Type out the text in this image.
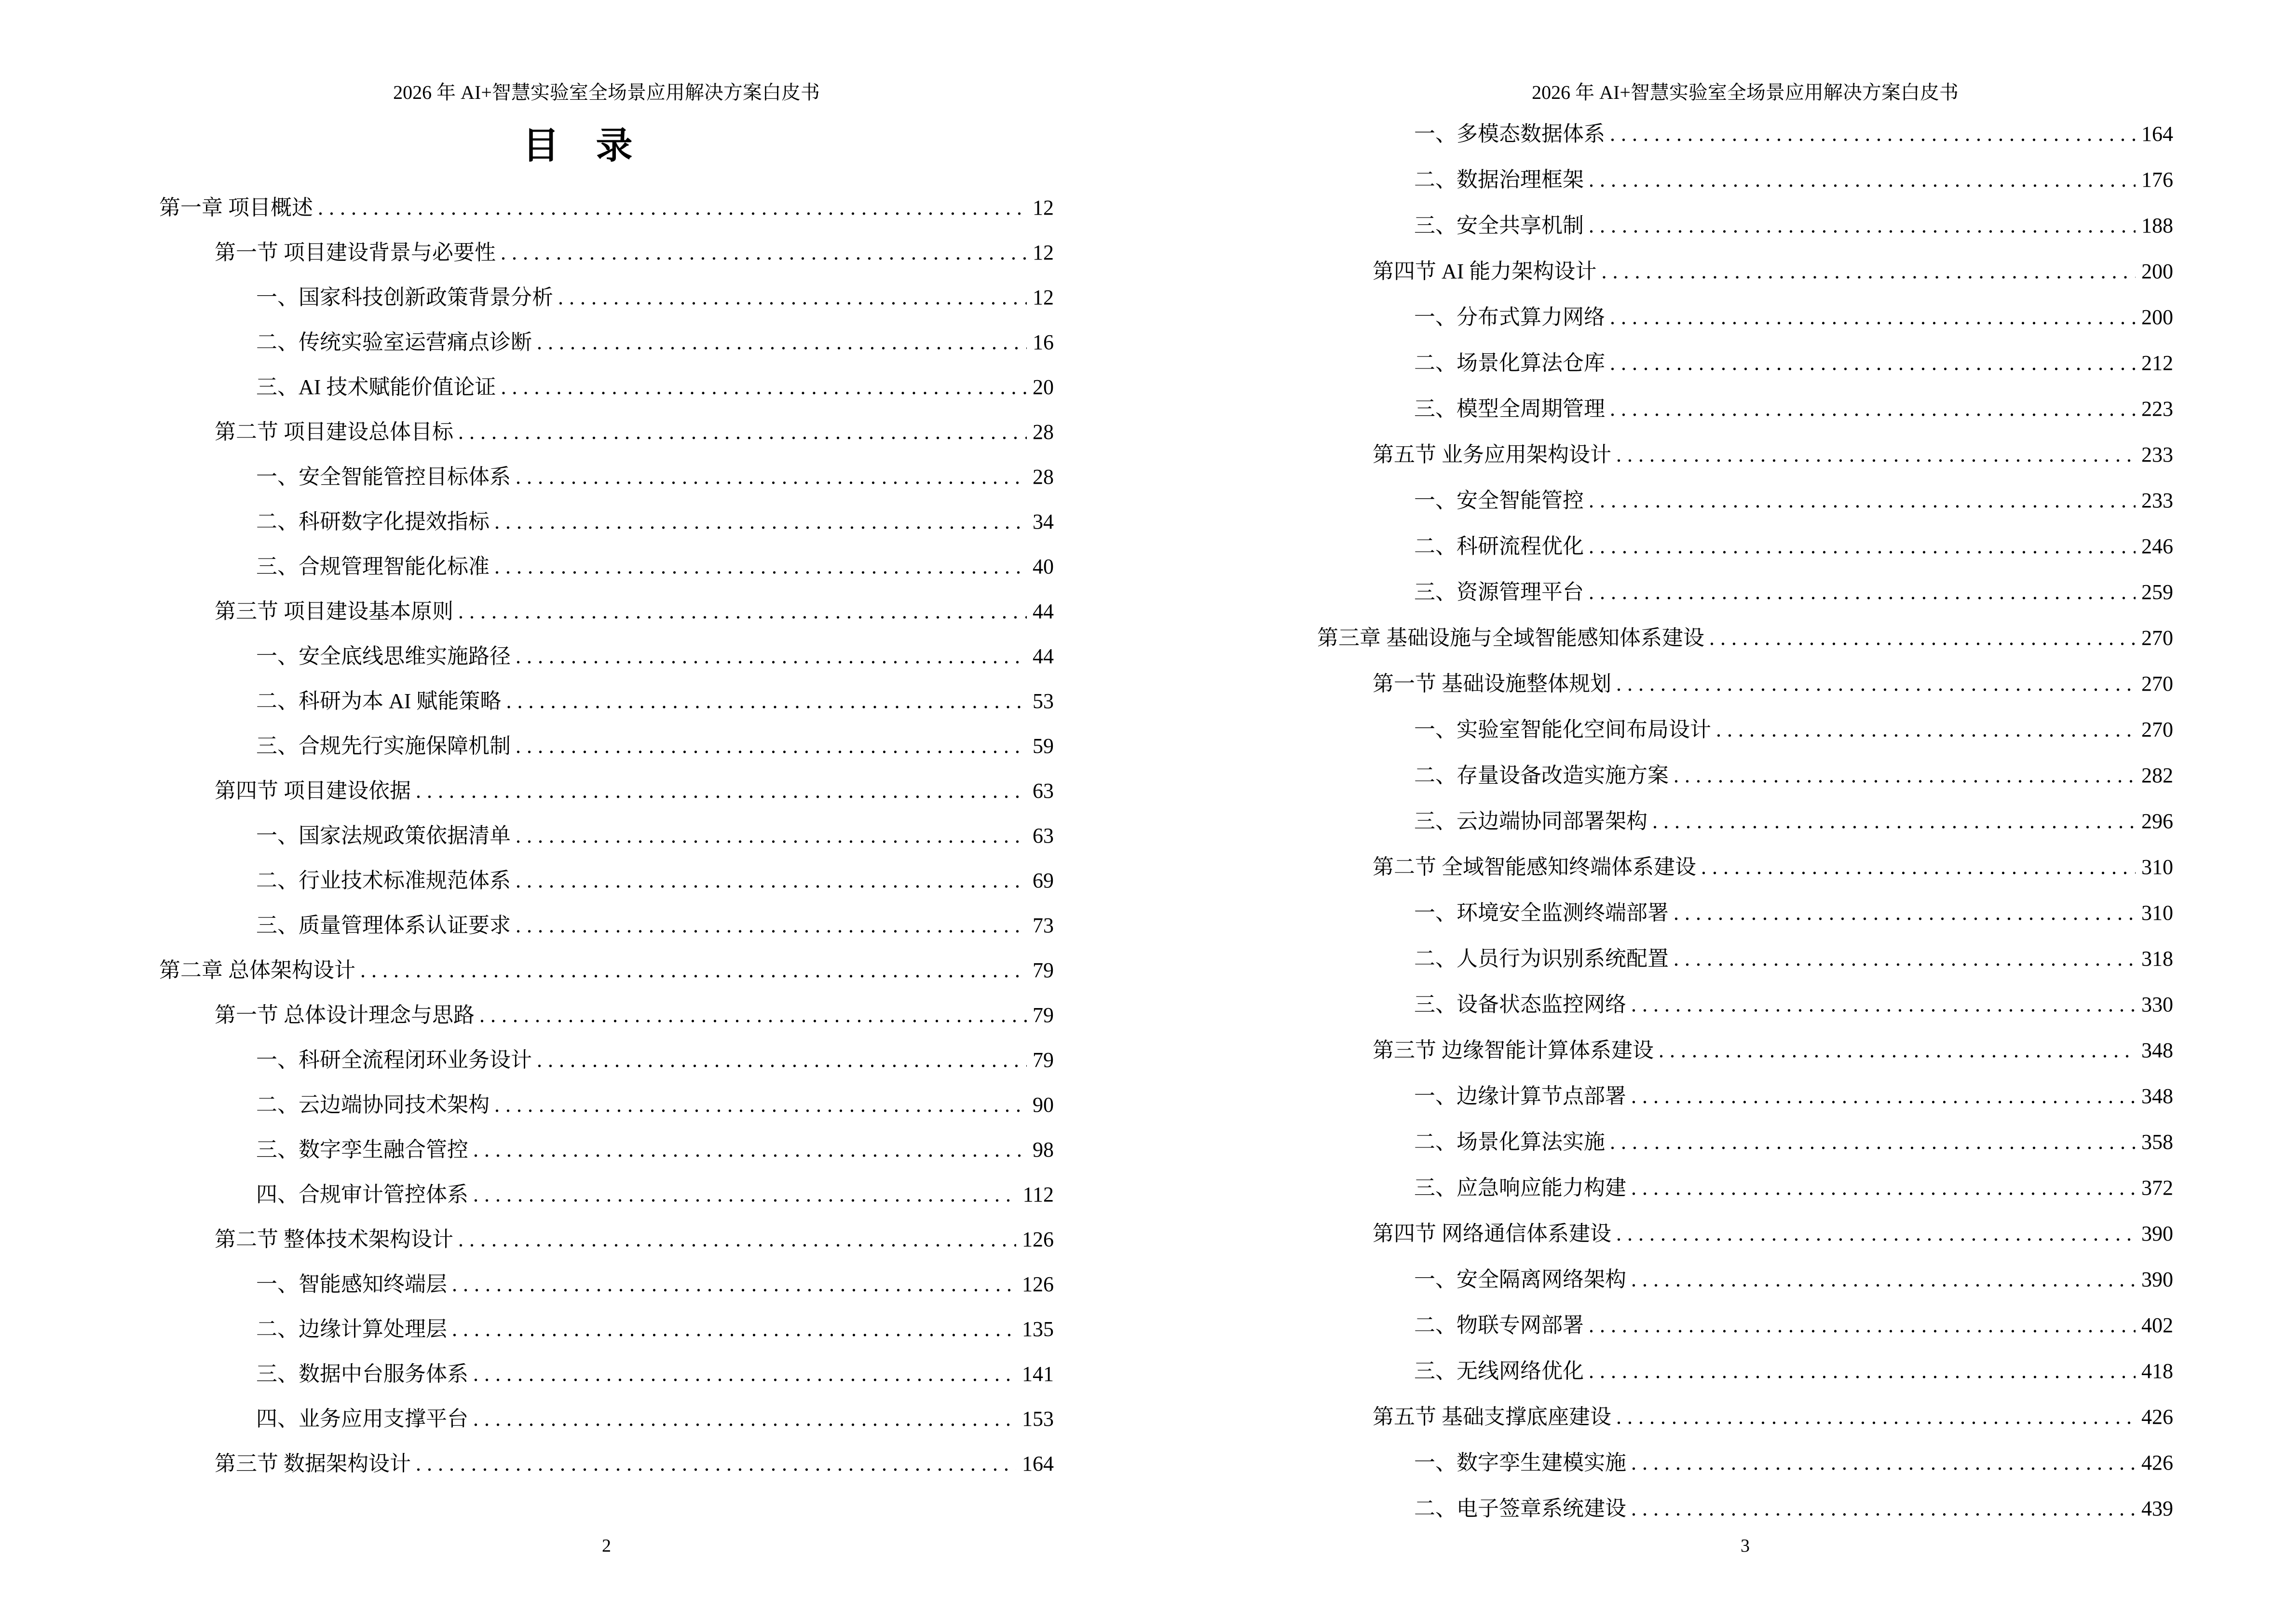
2026 年 AI+智慧实验室全场景应用解决方案白皮书
目　录
第一章 项目概述 .....	12
第一节 项目建设背景与必要性 .....	12
一、国家科技创新政策背景分析 .....	12
二、传统实验室运营痛点诊断 .....	16
三、AI 技术赋能价值论证 .....	20
第二节 项目建设总体目标 .....	28
一、安全智能管控目标体系 .....	28
二、科研数字化提效指标 .....	34
三、合规管理智能化标准 .....	40
第三节 项目建设基本原则 .....	44
一、安全底线思维实施路径 .....	44
二、科研为本 AI 赋能策略 .....	53
三、合规先行实施保障机制 .....	59
第四节 项目建设依据 .....	63
一、国家法规政策依据清单 .....	63
二、行业技术标准规范体系 .....	69
三、质量管理体系认证要求 .....	73
第二章 总体架构设计 .....	79
第一节 总体设计理念与思路 .....	79
一、科研全流程闭环业务设计 .....	79
二、云边端协同技术架构 .....	90
三、数字孪生融合管控 .....	98
四、合规审计管控体系 .....	112
第二节 整体技术架构设计 .....	126
一、智能感知终端层 .....	126
二、边缘计算处理层 .....	135
三、数据中台服务体系 .....	141
四、业务应用支撑平台 .....	153
第三节 数据架构设计 .....	164
2
2026 年 AI+智慧实验室全场景应用解决方案白皮书
一、多模态数据体系 .....	164
二、数据治理框架 .....	176
三、安全共享机制 .....	188
第四节 AI 能力架构设计 .....	200
一、分布式算力网络 .....	200
二、场景化算法仓库 .....	212
三、模型全周期管理 .....	223
第五节 业务应用架构设计 .....	233
一、安全智能管控 .....	233
二、科研流程优化 .....	246
三、资源管理平台 .....	259
第三章 基础设施与全域智能感知体系建设 .....	270
第一节 基础设施整体规划 .....	270
一、实验室智能化空间布局设计 .....	270
二、存量设备改造实施方案 .....	282
三、云边端协同部署架构 .....	296
第二节 全域智能感知终端体系建设 .....	310
一、环境安全监测终端部署 .....	310
二、人员行为识别系统配置 .....	318
三、设备状态监控网络 .....	330
第三节 边缘智能计算体系建设 .....	348
一、边缘计算节点部署 .....	348
二、场景化算法实施 .....	358
三、应急响应能力构建 .....	372
第四节 网络通信体系建设 .....	390
一、安全隔离网络架构 .....	390
二、物联专网部署 .....	402
三、无线网络优化 .....	418
第五节 基础支撑底座建设 .....	426
一、数字孪生建模实施 .....	426
二、电子签章系统建设 .....	439
3
